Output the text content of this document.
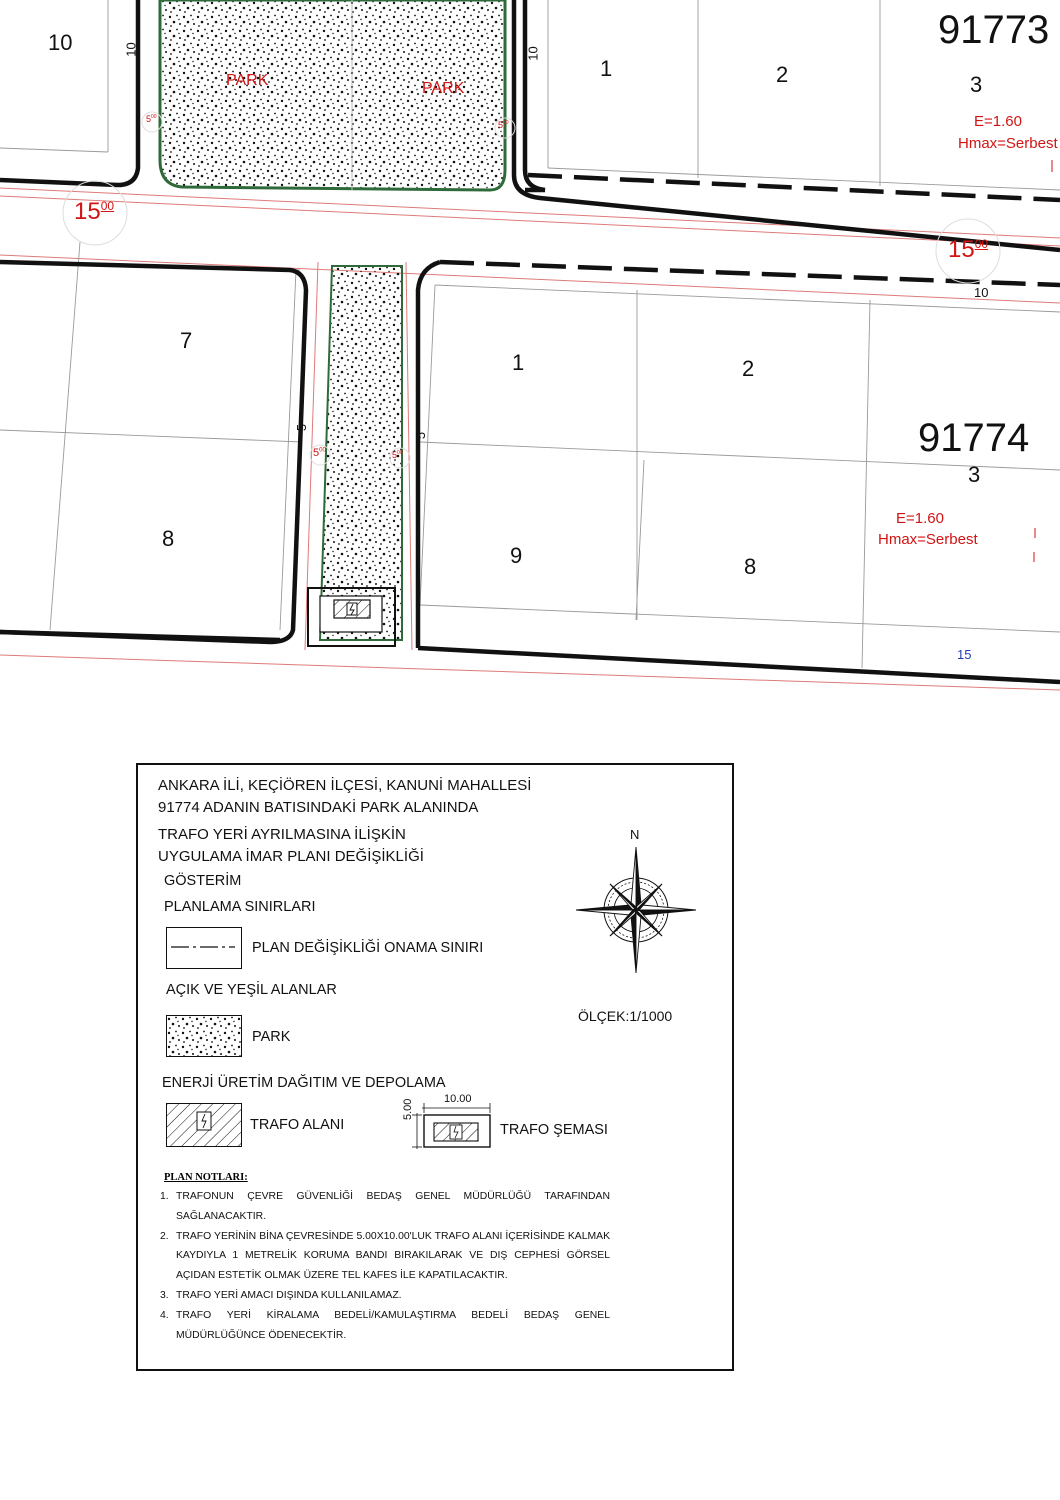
91773
91774
10
1	2	3
7
8
1	2
3
9	8
E=1.60
Hmax=Serbest
E=1.60
Hmax=Serbest
PARK	PARK
$15^{00}$
$15^{00}$
10	10
10
5
5
$5^{00}$
$5^{00}$
$5^{00}$	$5^{00}$
15
ANKARA İLİ, KEÇİÖREN İLÇESİ, KANUNİ MAHALLESİ
91774 ADANIN BATISINDAKİ PARK ALANINDA
TRAFO YERİ AYRILMASINA İLİŞKİN
UYGULAMA İMAR PLANI DEĞİŞİKLİĞİ
GÖSTERİM
PLANLAMA SINIRLARI
PLAN DEĞİŞİKLİĞİ ONAMA SINIRI
AÇIK VE YEŞİL ALANLAR
PARK
ENERJİ ÜRETİM DAĞITIM VE DEPOLAMA
TRAFO ALANI
10.00
5.00
TRAFO ŞEMASI
N
ÖLÇEK:1/1000
PLAN NOTLARI:
1. TRAFONUN ÇEVRE GÜVENLİĞİ BEDAŞ GENEL MÜDÜRLÜĞÜ TARAFINDAN SAĞLANACAKTIR.
2. TRAFO YERİNİN BİNA ÇEVRESİNDE 5.00X10.00'LUK TRAFO ALANI İÇERİSİNDE KALMAK KAYDIYLA 1 METRELİK KORUMA BANDI BIRAKILARAK VE DIŞ CEPHESİ GÖRSEL AÇIDAN ESTETİK OLMAK ÜZERE TEL KAFES İLE KAPATILACAKTIR.
3. TRAFO YERİ AMACI DIŞINDA KULLANILAMAZ.
4. TRAFO YERİ KİRALAMA BEDELİ/KAMULAŞTIRMA BEDELİ BEDAŞ GENEL MÜDÜRLÜĞÜNCE ÖDENECEKTİR.
